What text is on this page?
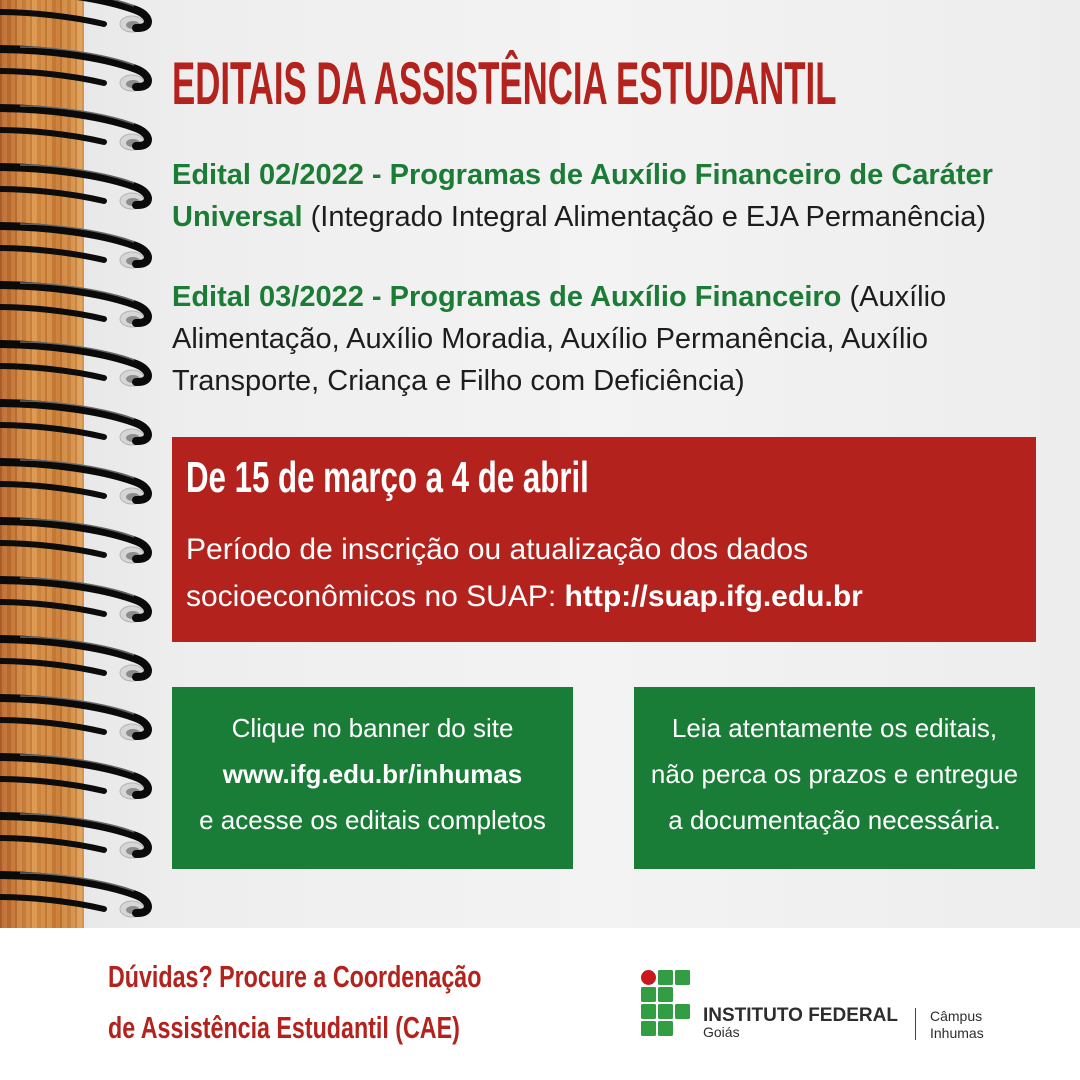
EDITAIS DA ASSISTÊNCIA ESTUDANTIL

Edital 02/2022 - Programas de Auxílio Financeiro de Caráter Universal (Integrado Integral Alimentação e EJA Permanência)

Edital 03/2022 - Programas de Auxílio Financeiro (Auxílio Alimentação, Auxílio Moradia, Auxílio Permanência, Auxílio Transporte, Criança e Filho com Deficiência)

De 15 de março a 4 de abril

Período de inscrição ou atualização dos dados socioeconômicos no SUAP: http://suap.ifg.edu.br

Clique no banner do site
www.ifg.edu.br/inhumas
e acesse os editais completos
Leia atentamente os editais,
não perca os prazos e entregue
a documentação necessária.
Dúvidas? Procure a Coordenação
de Assistência Estudantil (CAE)	INSTITUTO FEDERAL
Goiás
Câmpus
Inhumas
